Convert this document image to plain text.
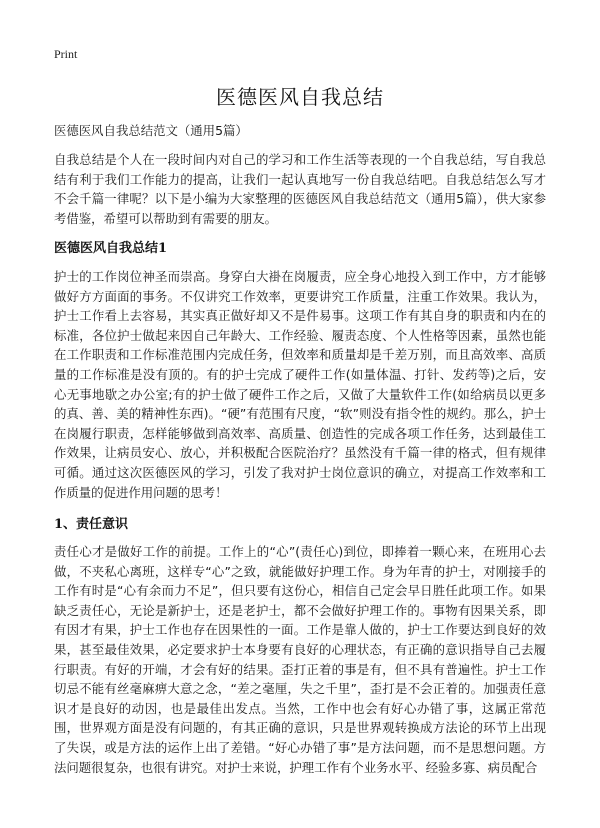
Print
医德医风自我总结
医德医风自我总结范文（通用5篇）
自我总结是个人在一段时间内对自己的学习和工作生活等表现的一个自我总结，写自我总结有利于我们工作能力的提高，让我们一起认真地写一份自我总结吧。自我总结怎么写才不会千篇一律呢？以下是小编为大家整理的医德医风自我总结范文（通用5篇），供大家参考借鉴，希望可以帮助到有需要的朋友。
医德医风自我总结1
护士的工作岗位神圣而崇高。身穿白大褂在岗履责，应全身心地投入到工作中，方才能够做好方方面面的事务。不仅讲究工作效率，更要讲究工作质量，注重工作效果。我认为，护士工作看上去容易，其实真正做好却又不是件易事。这项工作有其自身的职责和内在的标准，各位护士做起来因自己年龄大、工作经验、履责态度、个人性格等因素，虽然也能在工作职责和工作标准范围内完成任务，但效率和质量却是千差万别，而且高效率、高质量的工作标准是没有顶的。有的护士完成了硬件工作(如量体温、打针、发药等)之后，安心无事地歇之办公室;有的护士做了硬件工作之后，又做了大量软件工作(如给病员以更多的真、善、美的精神性东西)。“硬”有范围有尺度，“软”则没有指令性的规约。那么，护士在岗履行职责，怎样能够做到高效率、高质量、创造性的完成各项工作任务，达到最佳工作效果，让病员安心、放心，并积极配合医院治疗？虽然没有千篇一律的格式，但有规律可循。通过这次医德医风的学习，引发了我对护士岗位意识的确立，对提高工作效率和工作质量的促进作用问题的思考！
1、责任意识
责任心才是做好工作的前提。工作上的“心”(责任心)到位，即捧着一颗心来，在班用心去做，不夹私心离班，这样专“心”之致，就能做好护理工作。身为年青的护士，对刚接手的工作有时是“心有余而力不足”，但只要有这份心，相信自己定会早日胜任此项工作。如果缺乏责任心，无论是新护士，还是老护士，都不会做好护理工作的。事物有因果关系，即有因才有果，护士工作也存在因果性的一面。工作是靠人做的，护士工作要达到良好的效果，甚至最佳效果，必定要求护士本身要有良好的心理状态，有正确的意识指导自己去履行职责。有好的开端，才会有好的结果。歪打正着的事是有，但不具有普遍性。护士工作切忌不能有丝毫麻痹大意之念，“差之毫厘，失之千里”，歪打是不会正着的。加强责任意识才是良好的动因，也是最佳出发点。当然，工作中也会有好心办错了事，这属正常范围，世界观方面是没有问题的，有其正确的意识，只是世界观转换成方法论的环节上出现了失误，或是方法的运作上出了差错。“好心办错了事”是方法问题，而不是思想问题。方法问题很复杂，也很有讲究。对护士来说，护理工作有个业务水平、经验多寡、病员配合
